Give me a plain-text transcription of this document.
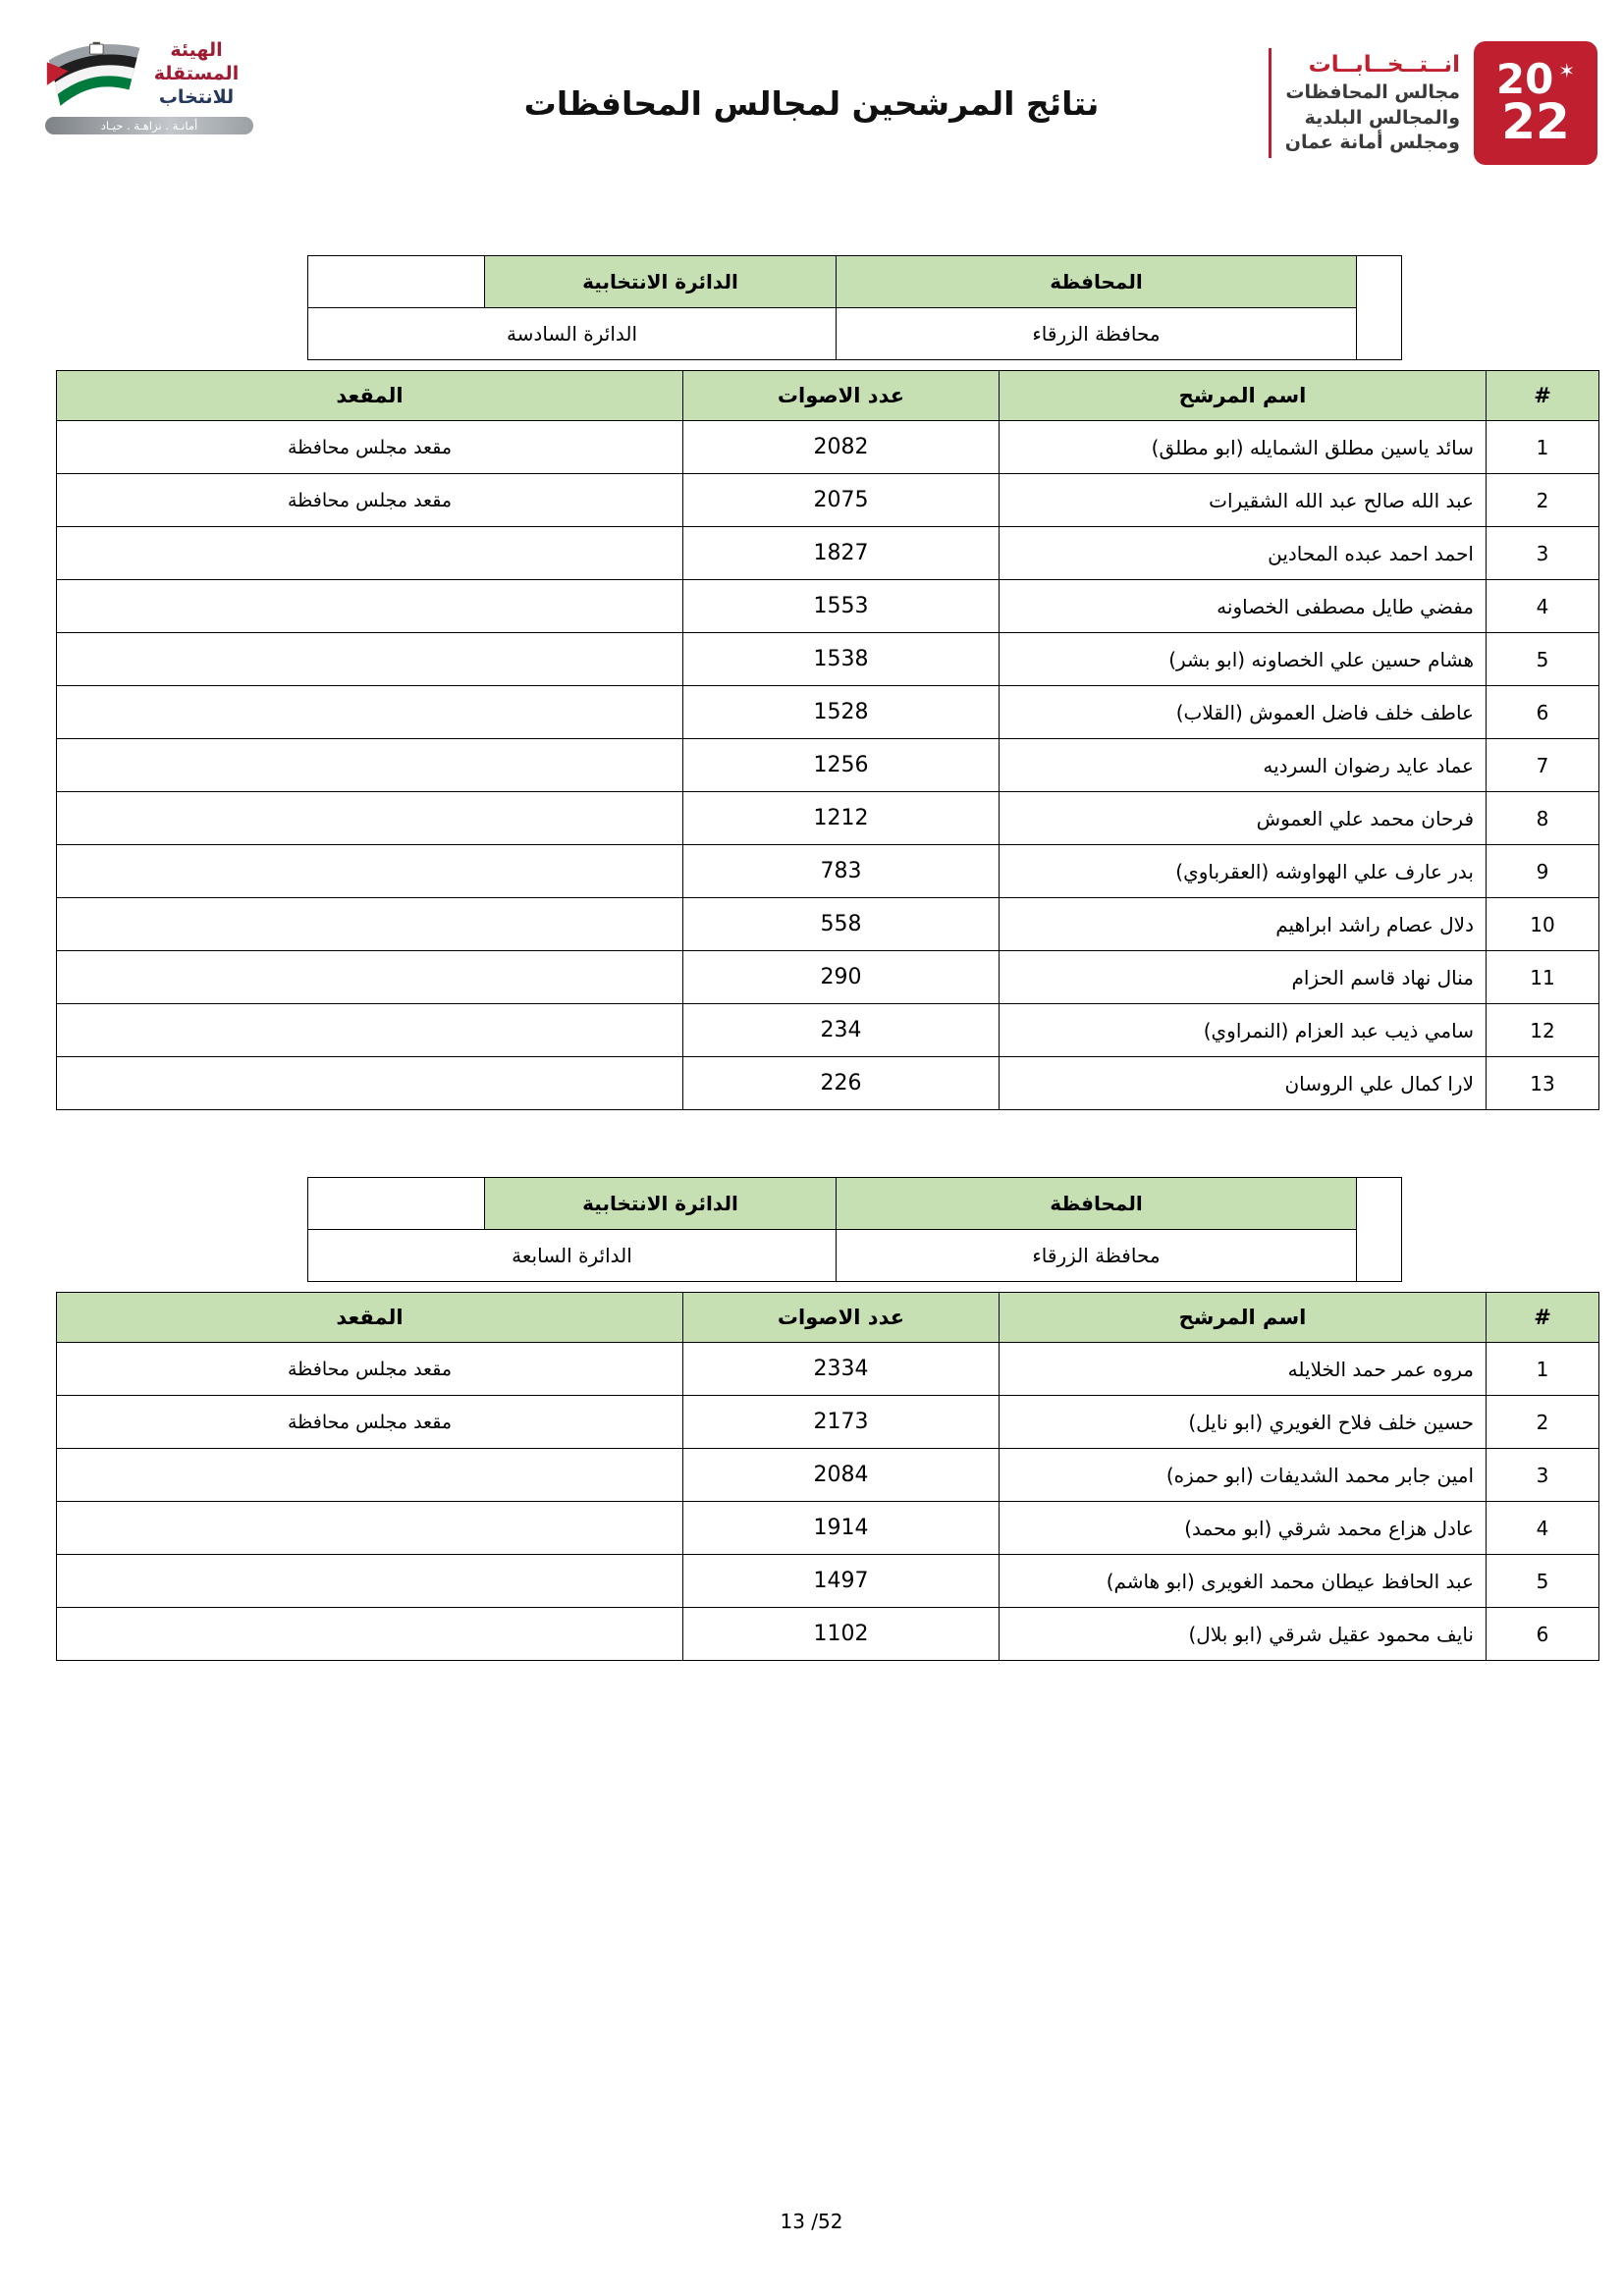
الهيئة المستقلة
للانتخاب
أمانـة . نزاهـة . حيـاد
نتائج المرشحين لمجالس المحافظات
20 ✶
22
انــتــخــابــات
مجالس المحافظات
والمجالس البلدية
ومجلس أمانة عمان
	المحافظة	الدائرة الانتخابية	
	محافظة الزرقاء	الدائرة السادسة	
#	اسم المرشح	عدد الاصوات	المقعد
1	سائد ياسين مطلق الشمايله (ابو مطلق)	2082	مقعد مجلس محافظة
2	عبد الله صالح عبد الله الشقيرات	2075	مقعد مجلس محافظة
3	احمد احمد عبده المحادين	1827	
4	مفضي طايل مصطفى الخصاونه	1553	
5	هشام حسين علي الخصاونه (ابو بشر)	1538	
6	عاطف خلف فاضل العموش (القلاب)	1528	
7	عماد عايد رضوان السرديه	1256	
8	فرحان محمد علي العموش	1212	
9	بدر عارف علي الهواوشه (العقرباوي)	783	
10	دلال عصام راشد ابراهيم	558	
11	منال نهاد قاسم الحزام	290	
12	سامي ذيب عبد العزام (النمراوي)	234	
13	لارا كمال علي الروسان	226	
	المحافظة	الدائرة الانتخابية	
	محافظة الزرقاء	الدائرة السابعة	
#	اسم المرشح	عدد الاصوات	المقعد
1	مروه عمر حمد الخلايله	2334	مقعد مجلس محافظة
2	حسين خلف فلاح الغويري (ابو نايل)	2173	مقعد مجلس محافظة
3	امين جابر محمد الشديفات (ابو حمزه)	2084	
4	عادل هزاع محمد شرقي (ابو محمد)	1914	
5	عبد الحافظ عيطان محمد الغويرى (ابو هاشم)	1497	
6	نايف محمود عقيل شرقي (ابو بلال)	1102	
13 /52
